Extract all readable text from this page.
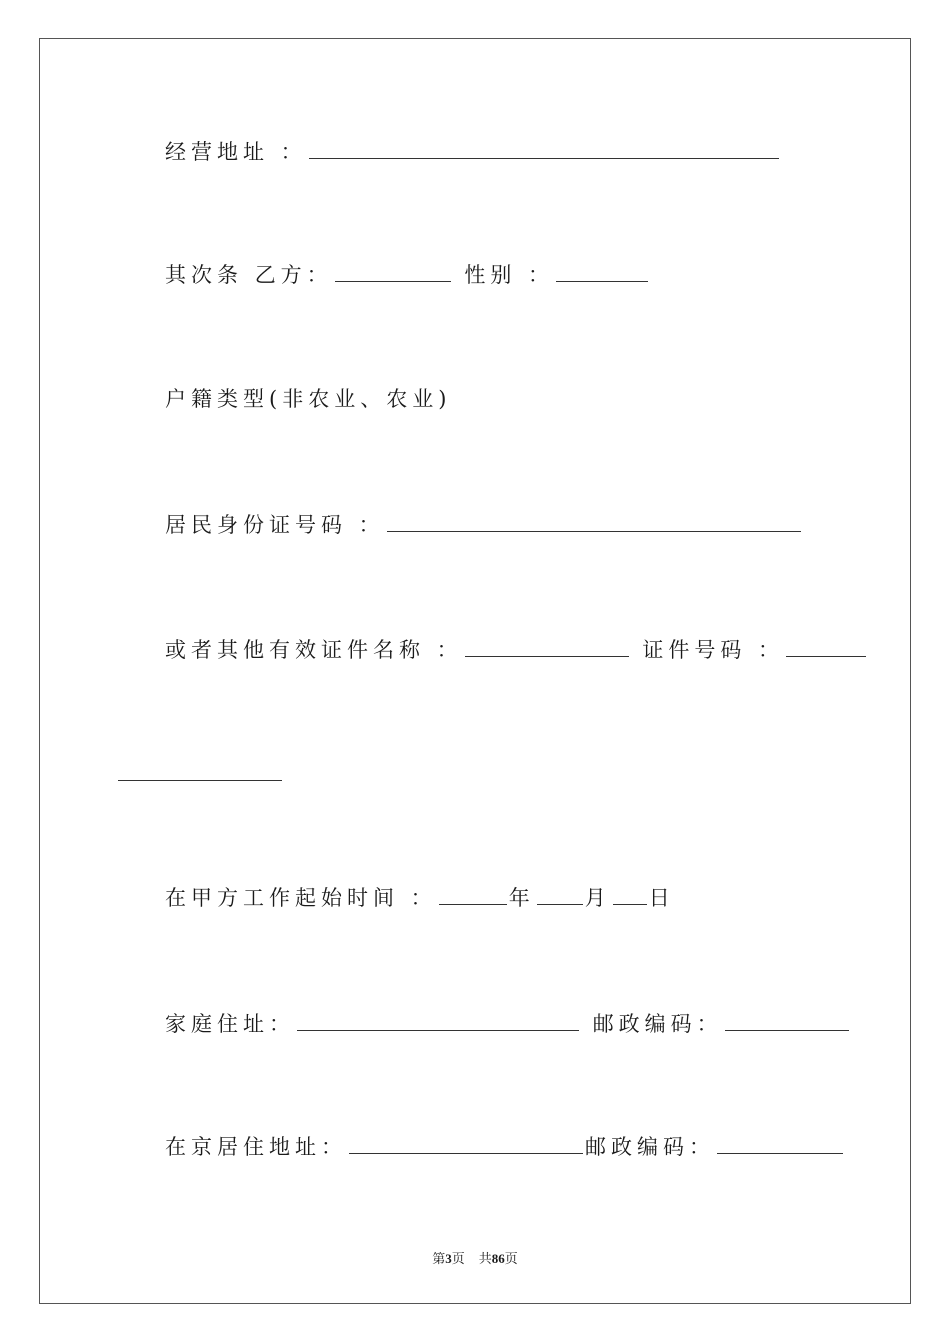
经营地址 ：
其次条 乙方：	性别 ：
户籍类型(非农业、农业)
居民身份证号码 ：
或者其他有效证件名称 ：	证件号码 ：
在甲方工作起始时间 ：	年 月 日
家庭住址：	邮政编码：
在京居住地址：	邮政编码：
第3页 共86页
